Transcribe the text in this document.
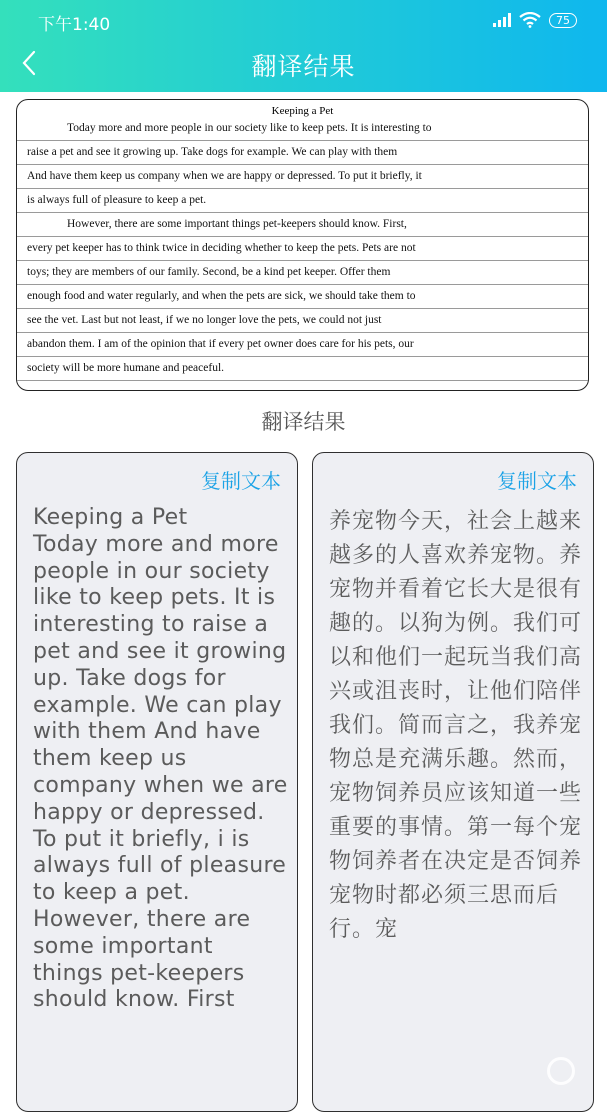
下午1:40	75
翻译结果
Keeping a Pet
Today more and more people in our society like to keep pets. It is interesting to
raise a pet and see it growing up. Take dogs for example. We can play with them
And have them keep us company when we are happy or depressed. To put it briefly, it
is always full of pleasure to keep a pet.
However, there are some important things pet-keepers should know. First,
every pet keeper has to think twice in deciding whether to keep the pets. Pets are not
toys; they are members of our family. Second, be a kind pet keeper. Offer them
enough food and water regularly, and when the pets are sick, we should take them to
see the vet. Last but not least, if we no longer love the pets, we could not just
abandon them. I am of the opinion that if every pet owner does care for his pets, our
society will be more humane and peaceful.
翻译结果
复制文本
Keeping a Pet
Today more and more people in our society like to keep pets. It is interesting to raise a pet and see it growing up. Take dogs for example. We can play with them And have them keep us company when we are happy or depressed. To put it briefly, i is always full of pleasure to keep a pet.
However, there are some important things pet-keepers should know. First
复制文本
养宠物今天，社会上越来越多的人喜欢养宠物。养宠物并看着它长大是很有趣的。以狗为例。我们可以和他们一起玩当我们高兴或沮丧时，让他们陪伴我们。简而言之，我养宠物总是充满乐趣。然而，宠物饲养员应该知道一些重要的事情。第一每个宠物饲养者在决定是否饲养宠物时都必须三思而后行。宠
